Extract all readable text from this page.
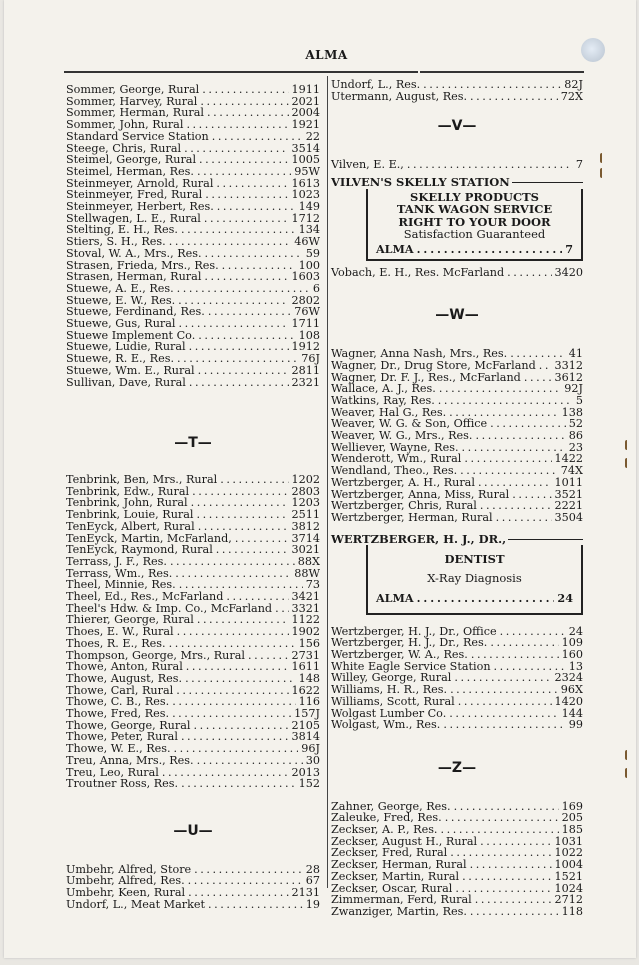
ALMA
Sommer, George, Rural . . .	1911
Sommer, Harvey, Rural . . .	2021
Sommer, Herman, Rural . . .	2004
Sommer, John, Rural . . .	1921
Standard Service Station . . .	22
Steege, Chris, Rural . . .	3514
Steimel, George, Rural . . .	1005
Steimel, Herman, Res. . . .	95W
Steinmeyer, Arnold, Rural . . .	1613
Steinmeyer, Fred, Rural . . .	1023
Steinmeyer, Herbert, Res. . . .	149
Stellwagen, L. E., Rural . . .	1712
Stelting, E. H., Res. . . .	134
Stiers, S. H., Res. . . .	46W
Stoval, W. A., Mrs., Res. . . .	59
Strasen, Frieda, Mrs., Res. . . .	100
Strasen, Herman, Rural . . .	1603
Stuewe, A. E., Res. . . .	6
Stuewe, E. W., Res. . . .	2802
Stuewe, Ferdinand, Res. . . .	76W
Stuewe, Gus, Rural . . .	1711
Stuewe Implement Co. . . .	108
Stuewe, Ludie, Rural . . .	1912
Stuewe, R. E., Res. . . .	76J
Stuewe, Wm. E., Rural . . .	2811
Sullivan, Dave, Rural . . .	2321
—T—
Tenbrink, Ben, Mrs., Rural . . .	1202
Tenbrink, Edw., Rural . . .	2803
Tenbrink, John, Rural . . .	1203
Tenbrink, Louie, Rural . . .	2511
TenEyck, Albert, Rural . . .	3812
TenEyck, Martin, McFarland, . . .	3714
TenEyck, Raymond, Rural . . .	3021
Terrass, J. F., Res. . . .	88X
Terrass, Wm., Res. . . .	88W
Theel, Minnie, Res. . . .	73
Theel, Ed., Res., McFarland . . .	3421
Theel's Hdw. & Imp. Co., McFarland . . . 3321
Thierer, George, Rural . . .	1122
Thoes, E. W., Rural . . .	1902
Thoes, R. E., Res. . . .	156
Thompson, George, Mrs., Rural . . .	2731
Thowe, Anton, Rural . . .	1611
Thowe, August, Res. . . .	148
Thowe, Carl, Rural . . .	1622
Thowe, C. B., Res. . . .	116
Thowe, Fred, Res. . . .	157J
Thowe, George, Rural . . .	2105
Thowe, Peter, Rural . . .	3814
Thowe, W. E., Res. . . .	96J
Treu, Anna, Mrs., Res. . . .	30
Treu, Leo, Rural . . .	2013
Troutner Ross, Res. . . .	152
—U—
Umbehr, Alfred, Store . . .	28
Umbehr, Alfred, Res. . . .	67
Umbehr, Keen, Rural . . .	2131
Undorf, L., Meat Market . . .	19
Undorf, L., Res. . . .	82J
Utermann, August, Res. . . .	72X
—V—
Vilven, E. E., . . .	7
VILVEN'S SKELLY STATION
SKELLY PRODUCTS
TANK WAGON SERVICE
RIGHT TO YOUR DOOR
Satisfaction Guaranteed
ALMA . . .	7
Vobach, E. H., Res. McFarland . . .	3420
—W—
Wagner, Anna Nash, Mrs., Res. . . .	41
Wagner, Dr., Drug Store, McFarland . . . 3312
Wagner, Dr. F. J., Res., McFarland . . .	3612
Wallace, A. J., Res. . . .	92J
Watkins, Ray, Res. . . .	5
Weaver, Hal G., Res. . . .	138
Weaver, W. G. & Son, Office . . .	52
Weaver, W. G., Mrs., Res. . . .	86
Welliever, Wayne, Res. . . .	23
Wenderott, Wm., Rural . . .	1422
Wendland, Theo., Res. . . .	74X
Wertzberger, A. H., Rural . . .	1011
Wertzberger, Anna, Miss, Rural . . .	3521
Wertzberger, Chris, Rural . . .	2221
Wertzberger, Herman, Rural . . .	3504
WERTZBERGER, H. J., DR.,
DENTIST
X-Ray Diagnosis
ALMA . . .	24
Wertzberger, H. J., Dr., Office . . .	24
Wertzberger, H. J., Dr., Res. . . .	109
Wertzberger, W. A., Res. . . .	160
White Eagle Service Station . . .	13
Willey, George, Rural . . .	2324
Williams, H. R., Res. . . .	96X
Williams, Scott, Rural . . .	1420
Wolgast Lumber Co. . . .	144
Wolgast, Wm., Res. . . .	99
—Z—
Zahner, George, Res. . . .	169
Zaleuke, Fred, Res. . . .	205
Zeckser, A. P., Res. . . .	185
Zeckser, August H., Rural . . .	1031
Zeckser, Fred, Rural . . .	1022
Zeckser, Herman, Rural . . .	1004
Zeckser, Martin, Rural . . .	1521
Zeckser, Oscar, Rural . . .	1024
Zimmerman, Ferd, Rural . . .	2712
Zwanziger, Martin, Res. . . .	118
